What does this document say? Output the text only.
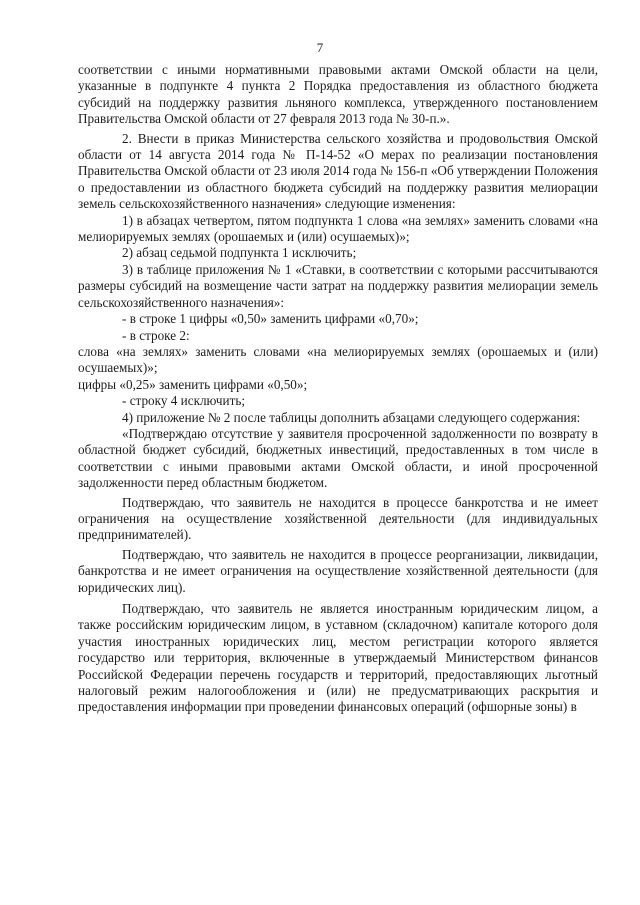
7

соответствии с иными нормативными правовыми актами Омской области на цели, указанные в подпункте 4 пункта 2 Порядка предоставления из областного бюджета субсидий на поддержку развития льняного комплекса, утвержденного постановлением Правительства Омской области от 27 февраля 2013 года № 30-п.».

2. Внести в приказ Министерства сельского хозяйства и продовольствия Омской области от 14 августа 2014 года № П-14-52 «О мерах по реализации постановления Правительства Омской области от 23 июля 2014 года № 156-п «Об утверждении Положения о предоставлении из областного бюджета субсидий на поддержку развития мелиорации земель сельскохозяйственного назначения» следующие изменения:

1) в абзацах четвертом, пятом подпункта 1 слова «на землях» заменить словами «на мелиорируемых землях (орошаемых и (или) осушаемых)»;

2) абзац седьмой подпункта 1 исключить;

3) в таблице приложения № 1 «Ставки, в соответствии с которыми рассчитываются размеры субсидий на возмещение части затрат на поддержку развития мелиорации земель сельскохозяйственного назначения»:

- в строке 1 цифры «0,50» заменить цифрами «0,70»;

- в строке 2:

слова «на землях» заменить словами «на мелиорируемых землях (орошаемых и (или) осушаемых)»;

цифры «0,25» заменить цифрами «0,50»;

- строку 4 исключить;

4) приложение № 2 после таблицы дополнить абзацами следующего содержания:

«Подтверждаю отсутствие у заявителя просроченной задолженности по возврату в областной бюджет субсидий, бюджетных инвестиций, предоставленных в том числе в соответствии с иными правовыми актами Омской области, и иной просроченной задолженности перед областным бюджетом.

Подтверждаю, что заявитель не находится в процессе банкротства и не имеет ограничения на осуществление хозяйственной деятельности (для индивидуальных предпринимателей).

Подтверждаю, что заявитель не находится в процессе реорганизации, ликвидации, банкротства и не имеет ограничения на осуществление хозяйственной деятельности (для юридических лиц).

Подтверждаю, что заявитель не является иностранным юридическим лицом, а также российским юридическим лицом, в уставном (складочном) капитале которого доля участия иностранных юридических лиц, местом регистрации которого является государство или территория, включенные в утверждаемый Министерством финансов Российской Федерации перечень государств и территорий, предоставляющих льготный налоговый режим налогообложения и (или) не предусматривающих раскрытия и предоставления информации при проведении финансовых операций (офшорные зоны) в
